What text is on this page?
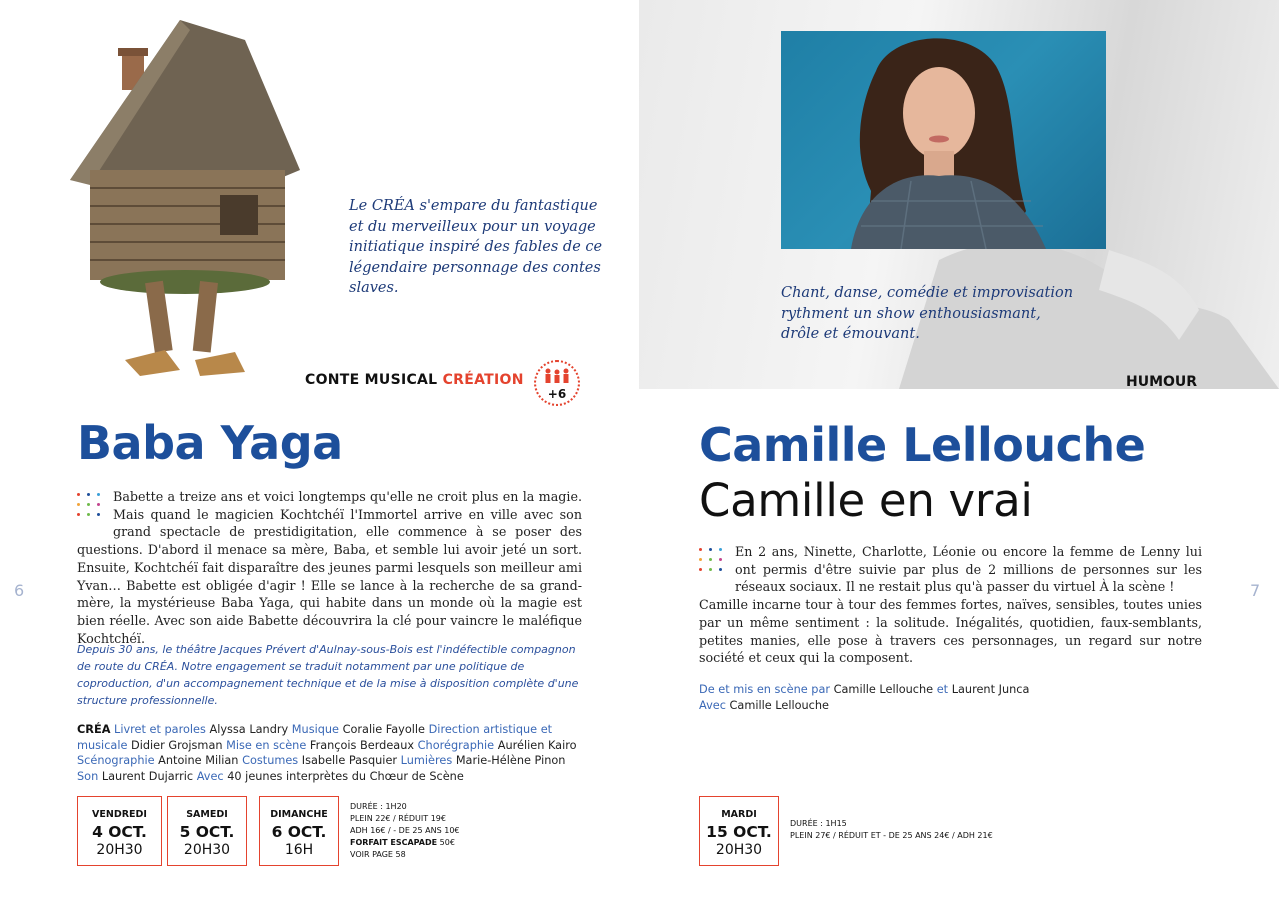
Le CRÉA s'empare du fantastique et du merveilleux pour un voyage initiatique inspiré des fables de ce légendaire personnage des contes slaves.
CONTE MUSICAL CRÉATION
+6
Baba Yaga
Babette a treize ans et voici longtemps qu'elle ne croit plus en la magie. Mais quand le magicien Kochtchéï l'Immortel arrive en ville avec son grand spectacle de prestidigitation, elle commence à se poser des questions. D'abord il menace sa mère, Baba, et semble lui avoir jeté un sort. Ensuite, Kochtchéï fait disparaître des jeunes parmi lesquels son meilleur ami Yvan… Babette est obligée d'agir ! Elle se lance à la recherche de sa grand-mère, la mystérieuse Baba Yaga, qui habite dans un monde où la magie est bien réelle. Avec son aide Babette découvrira la clé pour vaincre le maléfique Kochtchéï.
Depuis 30 ans, le théâtre Jacques Prévert d'Aulnay-sous-Bois est l'indéfectible compagnon de route du CRÉA. Notre engagement se traduit notamment par une politique de coproduction, d'un accompagnement technique et de la mise à disposition complète d'une structure professionnelle.
CRÉA Livret et paroles Alyssa Landry Musique Coralie Fayolle Direction artistique et musicale Didier Grojsman Mise en scène François Berdeaux Chorégraphie Aurélien Kairo Scénographie Antoine Milian Costumes Isabelle Pasquier Lumières Marie-Hélène Pinon Son Laurent Dujarric Avec 40 jeunes interprètes du Chœur de Scène
VENDREDI
4 OCT.
20H30
SAMEDI
5 OCT.
20H30
DIMANCHE
6 OCT.
16H
DURÉE : 1H20
PLEIN 22€ / RÉDUIT 19€
ADH 16€ / - DE 25 ANS 10€
FORFAIT ESCAPADE 50€
VOIR PAGE 58
6
Chant, danse, comédie et improvisation rythment un show enthousiasmant, drôle et émouvant.
HUMOUR
Camille Lellouche
Camille en vrai
En 2 ans, Ninette, Charlotte, Léonie ou encore la femme de Lenny lui ont permis d'être suivie par plus de 2 millions de personnes sur les réseaux sociaux. Il ne restait plus qu'à passer du virtuel À la scène !
Camille incarne tour à tour des femmes fortes, naïves, sensibles, toutes unies par un même sentiment : la solitude. Inégalités, quotidien, faux-semblants, petites manies, elle pose à travers ces personnages, un regard sur notre société et ceux qui la composent.
De et mis en scène par Camille Lellouche et Laurent Junca
Avec Camille Lellouche
MARDI
15 OCT.
20H30
DURÉE : 1H15
PLEIN 27€ / RÉDUIT ET - DE 25 ANS 24€ / ADH 21€
7
